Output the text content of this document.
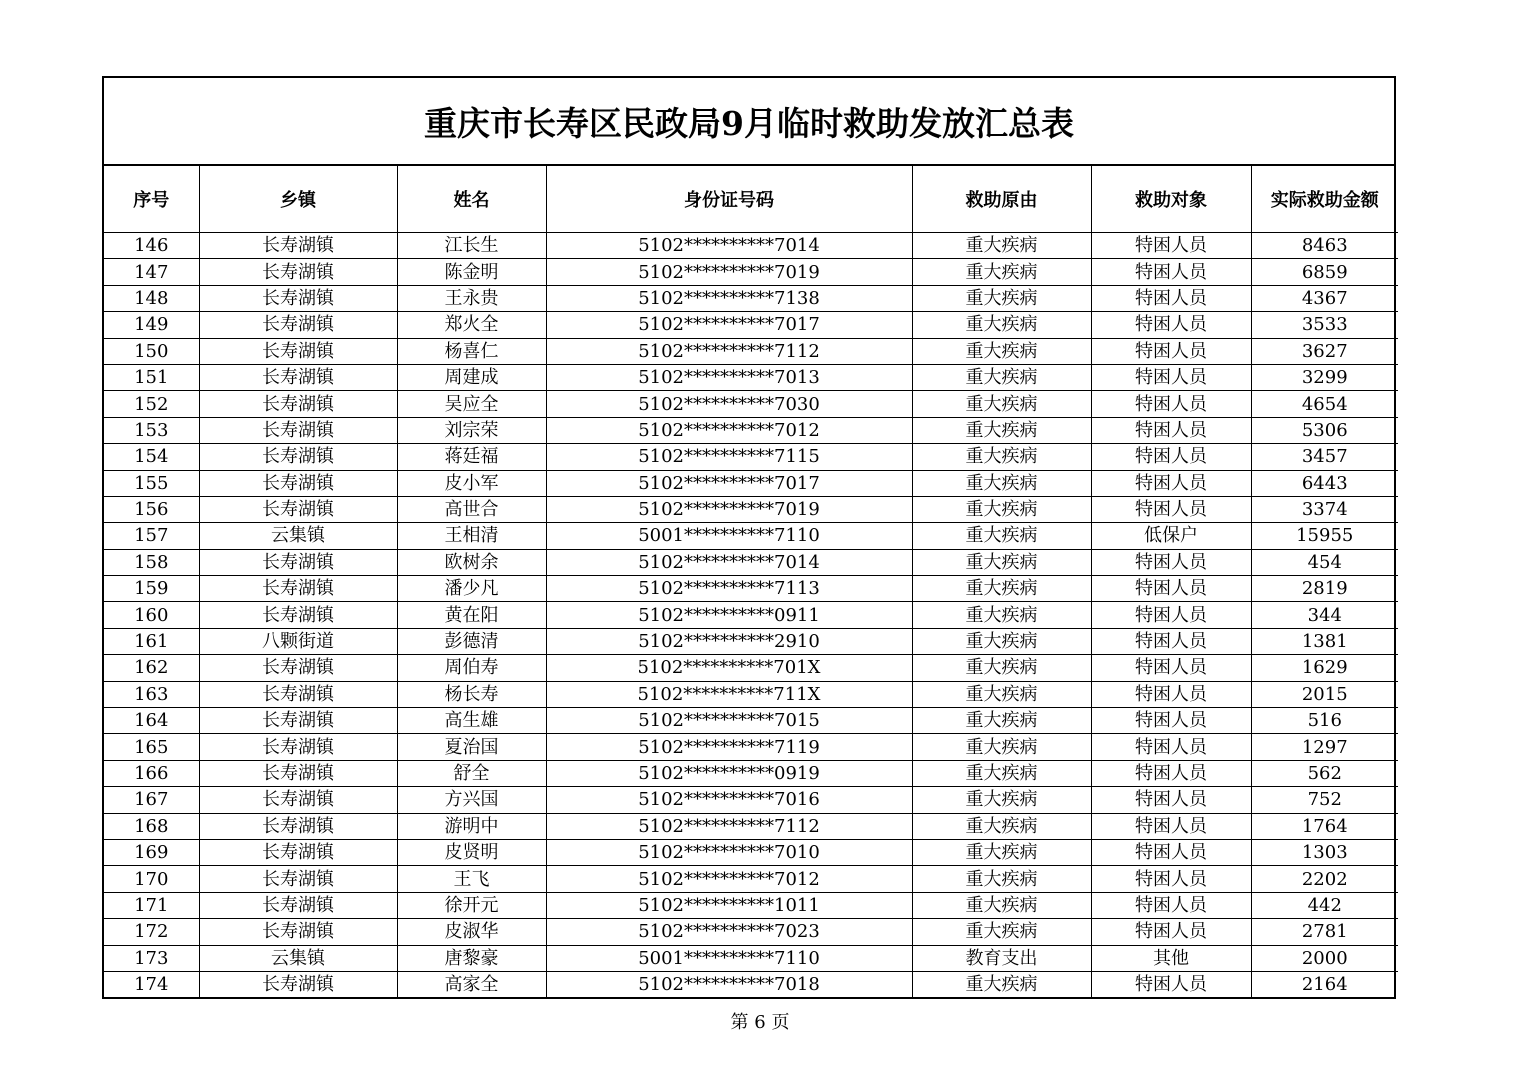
重庆市长寿区民政局9月临时救助发放汇总表
序号	乡镇	姓名	身份证号码	救助原由	救助对象	实际救助金额
146	长寿湖镇	江长生	5102**********7014	重大疾病	特困人员	8463
147	长寿湖镇	陈金明	5102**********7019	重大疾病	特困人员	6859
148	长寿湖镇	王永贵	5102**********7138	重大疾病	特困人员	4367
149	长寿湖镇	郑火全	5102**********7017	重大疾病	特困人员	3533
150	长寿湖镇	杨喜仁	5102**********7112	重大疾病	特困人员	3627
151	长寿湖镇	周建成	5102**********7013	重大疾病	特困人员	3299
152	长寿湖镇	吴应全	5102**********7030	重大疾病	特困人员	4654
153	长寿湖镇	刘宗荣	5102**********7012	重大疾病	特困人员	5306
154	长寿湖镇	蒋廷福	5102**********7115	重大疾病	特困人员	3457
155	长寿湖镇	皮小军	5102**********7017	重大疾病	特困人员	6443
156	长寿湖镇	高世合	5102**********7019	重大疾病	特困人员	3374
157	云集镇	王相清	5001**********7110	重大疾病	低保户	15955
158	长寿湖镇	欧树余	5102**********7014	重大疾病	特困人员	454
159	长寿湖镇	潘少凡	5102**********7113	重大疾病	特困人员	2819
160	长寿湖镇	黄在阳	5102**********0911	重大疾病	特困人员	344
161	八颗街道	彭德清	5102**********2910	重大疾病	特困人员	1381
162	长寿湖镇	周伯寿	5102**********701X	重大疾病	特困人员	1629
163	长寿湖镇	杨长寿	5102**********711X	重大疾病	特困人员	2015
164	长寿湖镇	高生雄	5102**********7015	重大疾病	特困人员	516
165	长寿湖镇	夏治国	5102**********7119	重大疾病	特困人员	1297
166	长寿湖镇	舒全	5102**********0919	重大疾病	特困人员	562
167	长寿湖镇	方兴国	5102**********7016	重大疾病	特困人员	752
168	长寿湖镇	游明中	5102**********7112	重大疾病	特困人员	1764
169	长寿湖镇	皮贤明	5102**********7010	重大疾病	特困人员	1303
170	长寿湖镇	王飞	5102**********7012	重大疾病	特困人员	2202
171	长寿湖镇	徐开元	5102**********1011	重大疾病	特困人员	442
172	长寿湖镇	皮淑华	5102**********7023	重大疾病	特困人员	2781
173	云集镇	唐黎豪	5001**********7110	教育支出	其他	2000
174	长寿湖镇	高家全	5102**********7018	重大疾病	特困人员	2164
第 6 页
